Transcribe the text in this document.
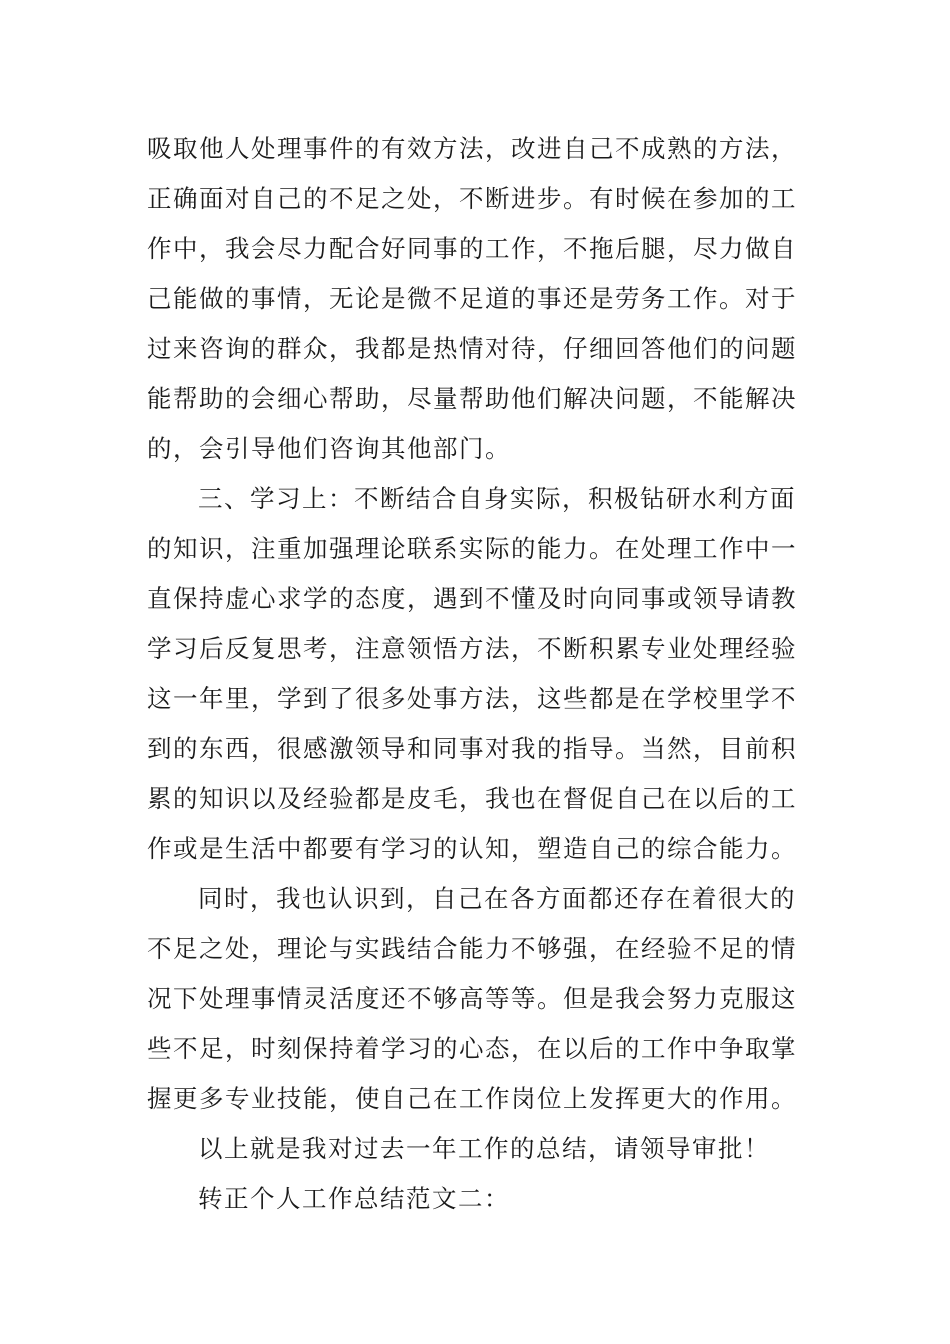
吸取他人处理事件的有效方法，改进自己不成熟的方法，
正确面对自己的不足之处，不断进步。有时候在参加的工
作中，我会尽力配合好同事的工作，不拖后腿，尽力做自
己能做的事情，无论是微不足道的事还是劳务工作。对于
过来咨询的群众，我都是热情对待，仔细回答他们的问题
能帮助的会细心帮助，尽量帮助他们解决问题，不能解决
的，会引导他们咨询其他部门。
三、学习上：不断结合自身实际，积极钻研水利方面
的知识，注重加强理论联系实际的能力。在处理工作中一
直保持虚心求学的态度，遇到不懂及时向同事或领导请教
学习后反复思考，注意领悟方法，不断积累专业处理经验
这一年里，学到了很多处事方法，这些都是在学校里学不
到的东西，很感激领导和同事对我的指导。当然，目前积
累的知识以及经验都是皮毛，我也在督促自己在以后的工
作或是生活中都要有学习的认知，塑造自己的综合能力。
同时，我也认识到，自己在各方面都还存在着很大的
不足之处，理论与实践结合能力不够强，在经验不足的情
况下处理事情灵活度还不够高等等。但是我会努力克服这
些不足，时刻保持着学习的心态，在以后的工作中争取掌
握更多专业技能，使自己在工作岗位上发挥更大的作用。
以上就是我对过去一年工作的总结，请领导审批！
转正个人工作总结范文二：
